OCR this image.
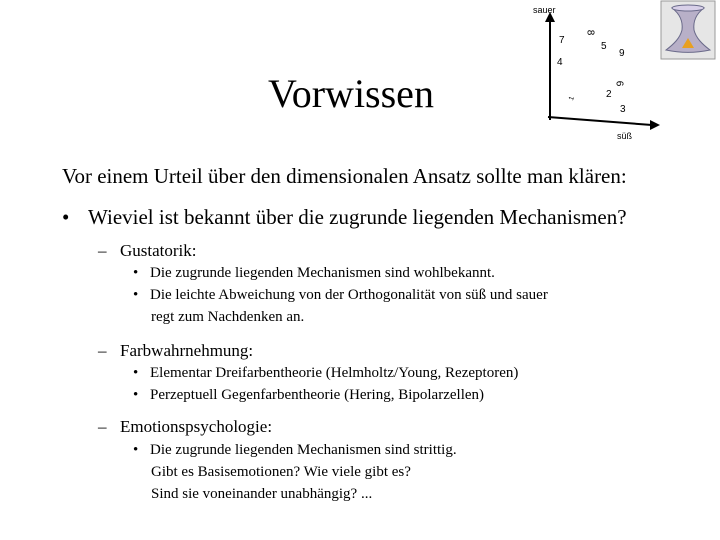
Vorwissen
sauer
süß
7
8
5
9
4
6
2
1
3
Vor einem Urteil über den dimensionalen Ansatz sollte man klären:
• Wieviel ist bekannt über die zugrunde liegenden Mechanismen?
– Gustatorik:
• Die zugrunde liegenden Mechanismen sind wohlbekannt.
• Die leichte Abweichung von der Orthogonalität von süß und sauer
regt zum Nachdenken an.
– Farbwahrnehmung:
• Elementar Dreifarbentheorie (Helmholtz/Young, Rezeptoren)
• Perzeptuell Gegenfarbentheorie (Hering, Bipolarzellen)
– Emotionspsychologie:
• Die zugrunde liegenden Mechanismen sind strittig.
Gibt es Basisemotionen? Wie viele gibt es?
Sind sie voneinander unabhängig? ...
